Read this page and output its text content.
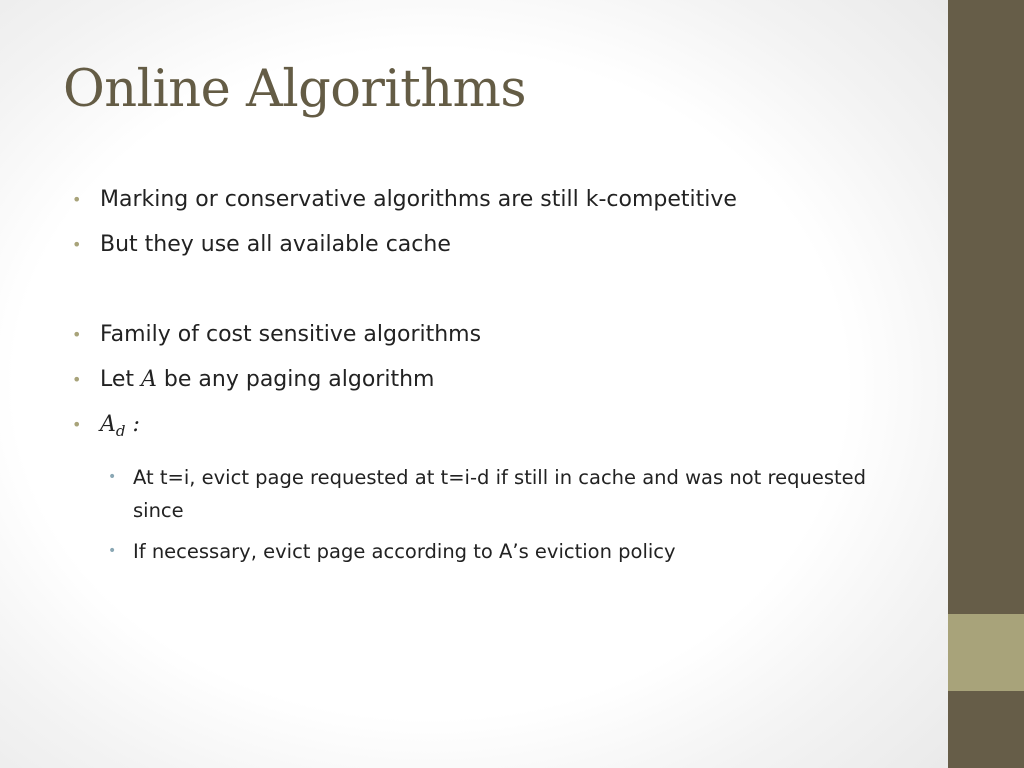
Online Algorithms
• Marking or conservative algorithms are still k-competitive
• But they use all available cache
• Family of cost sensitive algorithms
• Let A be any paging algorithm
• $A_d$ :
• At t=i, evict page requested at t=i-d if still in cache and was not requested since
• If necessary, evict page according to A’s eviction policy
